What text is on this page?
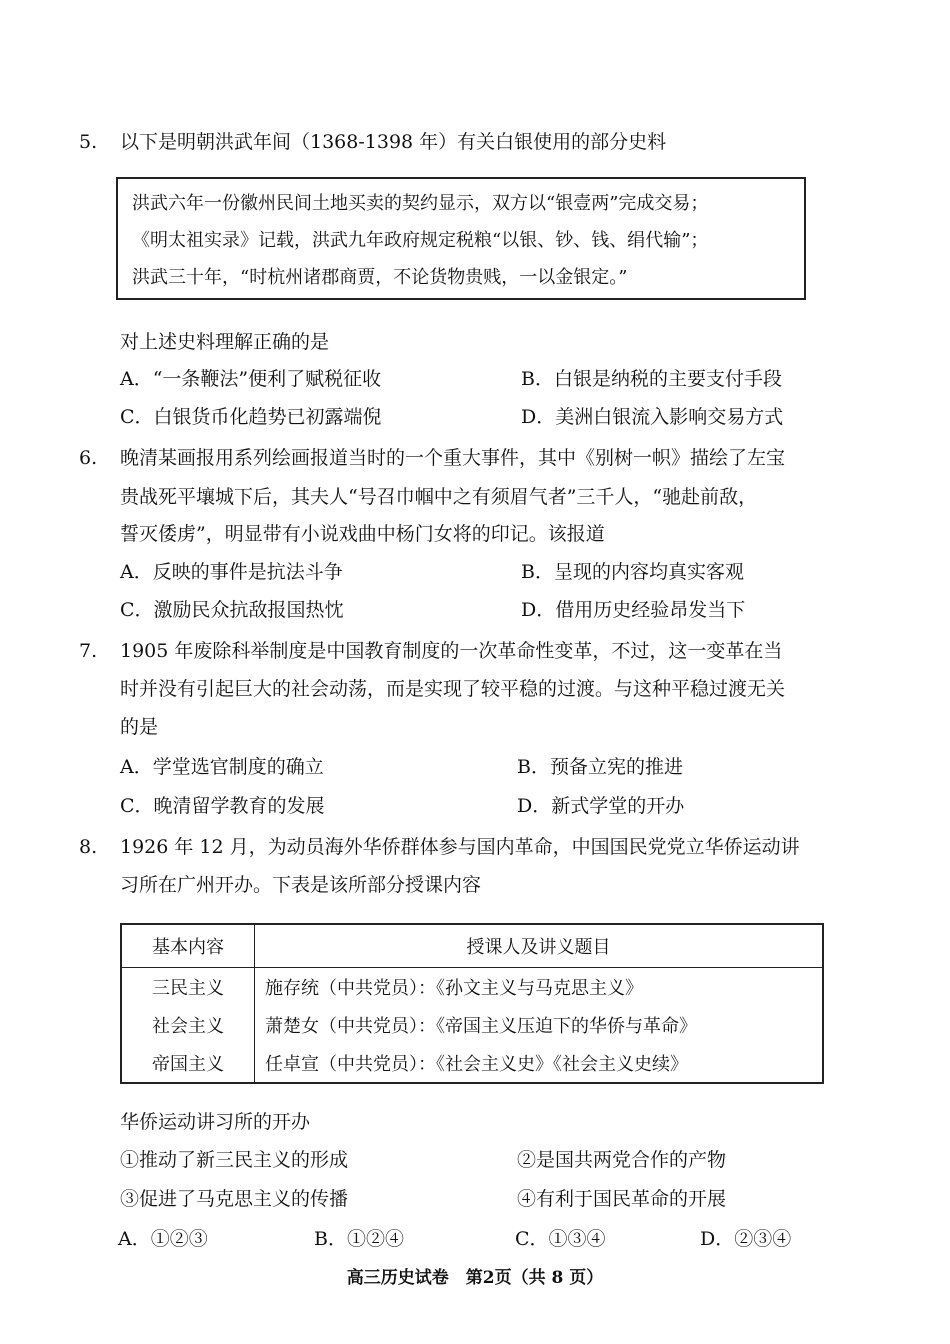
5. 以下是明朝洪武年间（1368-1398 年）有关白银使用的部分史料
洪武六年一份徽州民间土地买卖的契约显示，双方以“银壹两”完成交易；
《明太祖实录》记载，洪武九年政府规定税粮“以银、钞、钱、绢代输”；
洪武三十年，“时杭州诸郡商贾，不论货物贵贱，一以金银定。”
对上述史料理解正确的是
A．“一条鞭法”便利了赋税征收	B．白银是纳税的主要支付手段
C．白银货币化趋势已初露端倪	D．美洲白银流入影响交易方式
6. 晚清某画报用系列绘画报道当时的一个重大事件，其中《别树一帜》描绘了左宝
贵战死平壤城下后，其夫人“号召巾帼中之有须眉气者”三千人，“驰赴前敌，
誓灭倭虏”，明显带有小说戏曲中杨门女将的印记。该报道
A．反映的事件是抗法斗争	B．呈现的内容均真实客观
C．激励民众抗敌报国热忱	D．借用历史经验昂发当下
7. 1905 年废除科举制度是中国教育制度的一次革命性变革，不过，这一变革在当
时并没有引起巨大的社会动荡，而是实现了较平稳的过渡。与这种平稳过渡无关
的是
A．学堂选官制度的确立	B．预备立宪的推进
C．晚清留学教育的发展	D．新式学堂的开办
8. 1926 年 12 月，为动员海外华侨群体参与国内革命，中国国民党党立华侨运动讲
习所在广州开办。下表是该所部分授课内容
基本内容	授课人及讲义题目
三民主义	施存统（中共党员）：《孙文主义与马克思主义》
社会主义	萧楚女（中共党员）：《帝国主义压迫下的华侨与革命》
帝国主义	任卓宣（中共党员）：《社会主义史》《社会主义史续》
华侨运动讲习所的开办
①推动了新三民主义的形成	②是国共两党合作的产物
③促进了马克思主义的传播	④有利于国民革命的开展
A．①②③	B．①②④	C．①③④	D．②③④
高三历史试卷　第2页（共 8 页）
